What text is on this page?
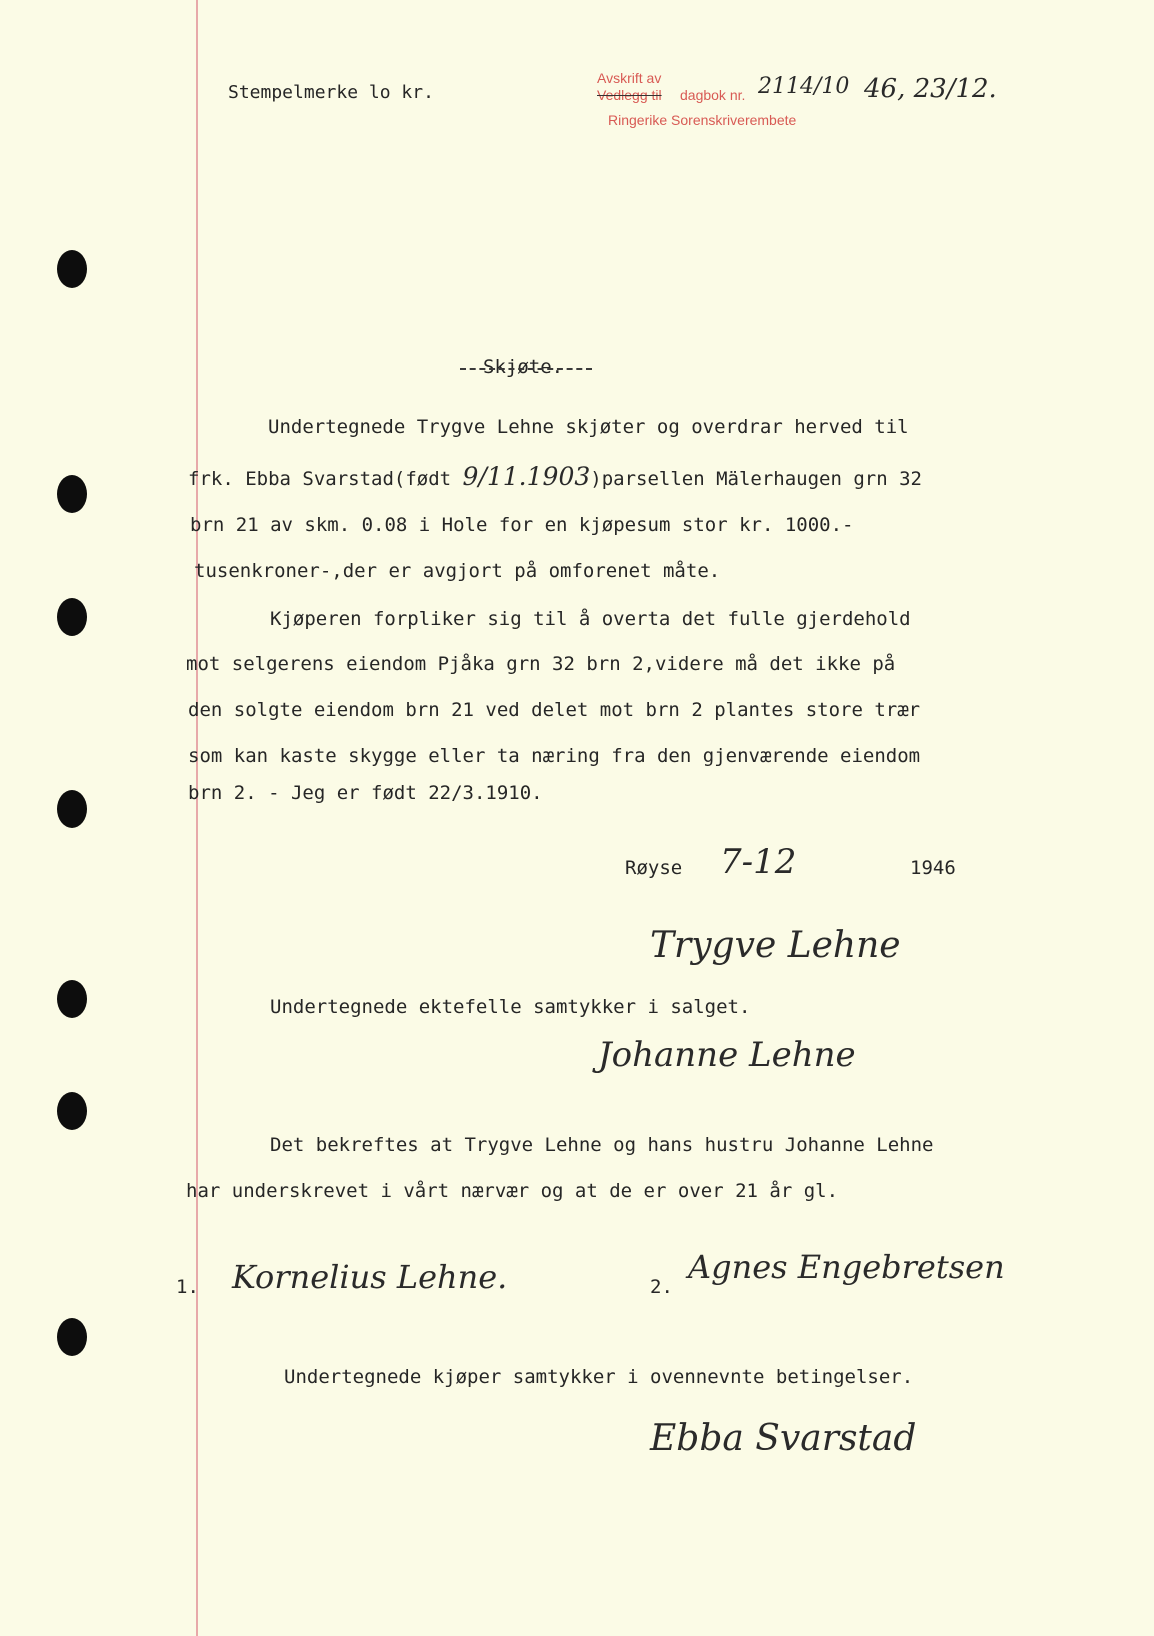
Stempelmerke lo kr.
Avskrift av
Vedlegg til dagbok nr. 2114/10 46, 23/12.
Ringerike Sorenskriverembete
Skjøte.
Undertegnede Trygve Lehne skjøter og overdrar herved til
frk. Ebba Svarstad(født 9/11.1903)parsellen Mälerhaugen grn 32
brn 21 av skm. 0.08 i Hole for en kjøpesum stor kr. 1000.-
tusenkroner-,der er avgjort på omforenet måte.
Kjøperen forpliker sig til å overta det fulle gjerdehold
mot selgerens eiendom Pjåka grn 32 brn 2,videre må det ikke på
den solgte eiendom brn 21 ved delet mot brn 2 plantes store trær
som kan kaste skygge eller ta næring fra den gjenværende eiendom
brn 2. - Jeg er født 22/3.1910.
Røyse 7-12	1946
Trygve Lehne
Undertegnede ektefelle samtykker i salget.
Johanne Lehne
Det bekreftes at Trygve Lehne og hans hustru Johanne Lehne
har underskrevet i vårt nærvær og at de er over 21 år gl.
1. Kornelius Lehne.	2.
Agnes Engebretsen
Undertegnede kjøper samtykker i ovennevnte betingelser.
Ebba Svarstad
